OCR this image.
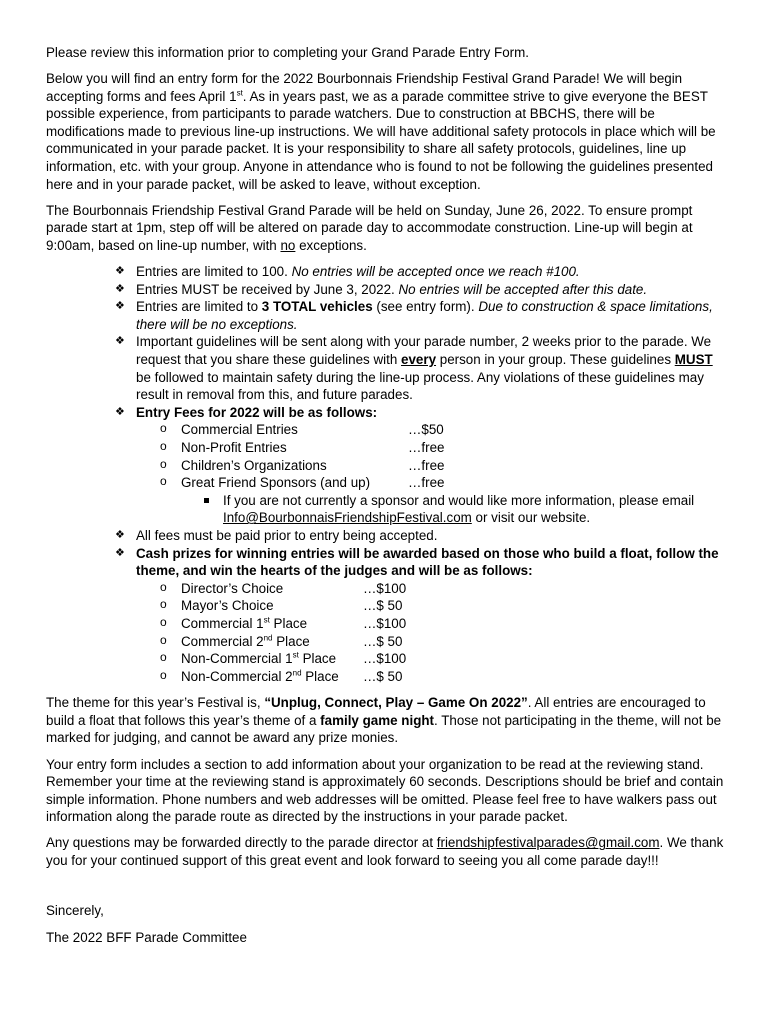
Please review this information prior to completing your Grand Parade Entry Form.

Below you will find an entry form for the 2022 Bourbonnais Friendship Festival Grand Parade! We will begin accepting forms and fees April 1st. As in years past, we as a parade committee strive to give everyone the BEST possible experience, from participants to parade watchers. Due to construction at BBCHS, there will be modifications made to previous line-up instructions. We will have additional safety protocols in place which will be communicated in your parade packet. It is your responsibility to share all safety protocols, guidelines, line up information, etc. with your group. Anyone in attendance who is found to not be following the guidelines presented here and in your parade packet, will be asked to leave, without exception.

The Bourbonnais Friendship Festival Grand Parade will be held on Sunday, June 26, 2022. To ensure prompt parade start at 1pm, step off will be altered on parade day to accommodate construction. Line-up will begin at 9:00am, based on line-up number, with no exceptions.

❖ Entries are limited to 100. No entries will be accepted once we reach #100.
❖ Entries MUST be received by June 3, 2022. No entries will be accepted after this date.
❖ Entries are limited to 3 TOTAL vehicles (see entry form). Due to construction & space limitations, there will be no exceptions.
❖ Important guidelines will be sent along with your parade number, 2 weeks prior to the parade. We request that you share these guidelines with every person in your group. These guidelines MUST be followed to maintain safety during the line-up process. Any violations of these guidelines may result in removal from this, and future parades.
❖ Entry Fees for 2022 will be as follows:
o Commercial Entries	…$50
o Non-Profit Entries	…free
o Children’s Organizations	…free
o Great Friend Sponsors (and up)	…free
If you are not currently a sponsor and would like more information, please email Info@BourbonnaisFriendshipFestival.com or visit our website.
❖ All fees must be paid prior to entry being accepted.
❖ Cash prizes for winning entries will be awarded based on those who build a float, follow the theme, and win the hearts of the judges and will be as follows:
o Director’s Choice	…$100
o Mayor’s Choice	…$ 50
o Commercial 1st Place	…$100
o Commercial 2nd Place	…$ 50
o Non-Commercial 1st Place	…$100
o Non-Commercial 2nd Place	…$ 50

The theme for this year’s Festival is, “Unplug, Connect, Play – Game On 2022”. All entries are encouraged to build a float that follows this year’s theme of a family game night. Those not participating in the theme, will not be marked for judging, and cannot be award any prize monies.

Your entry form includes a section to add information about your organization to be read at the reviewing stand. Remember your time at the reviewing stand is approximately 60 seconds. Descriptions should be brief and contain simple information. Phone numbers and web addresses will be omitted. Please feel free to have walkers pass out information along the parade route as directed by the instructions in your parade packet.

Any questions may be forwarded directly to the parade director at friendshipfestivalparades@gmail.com. We thank you for your continued support of this great event and look forward to seeing you all come parade day!!!

Sincerely,

The 2022 BFF Parade Committee
